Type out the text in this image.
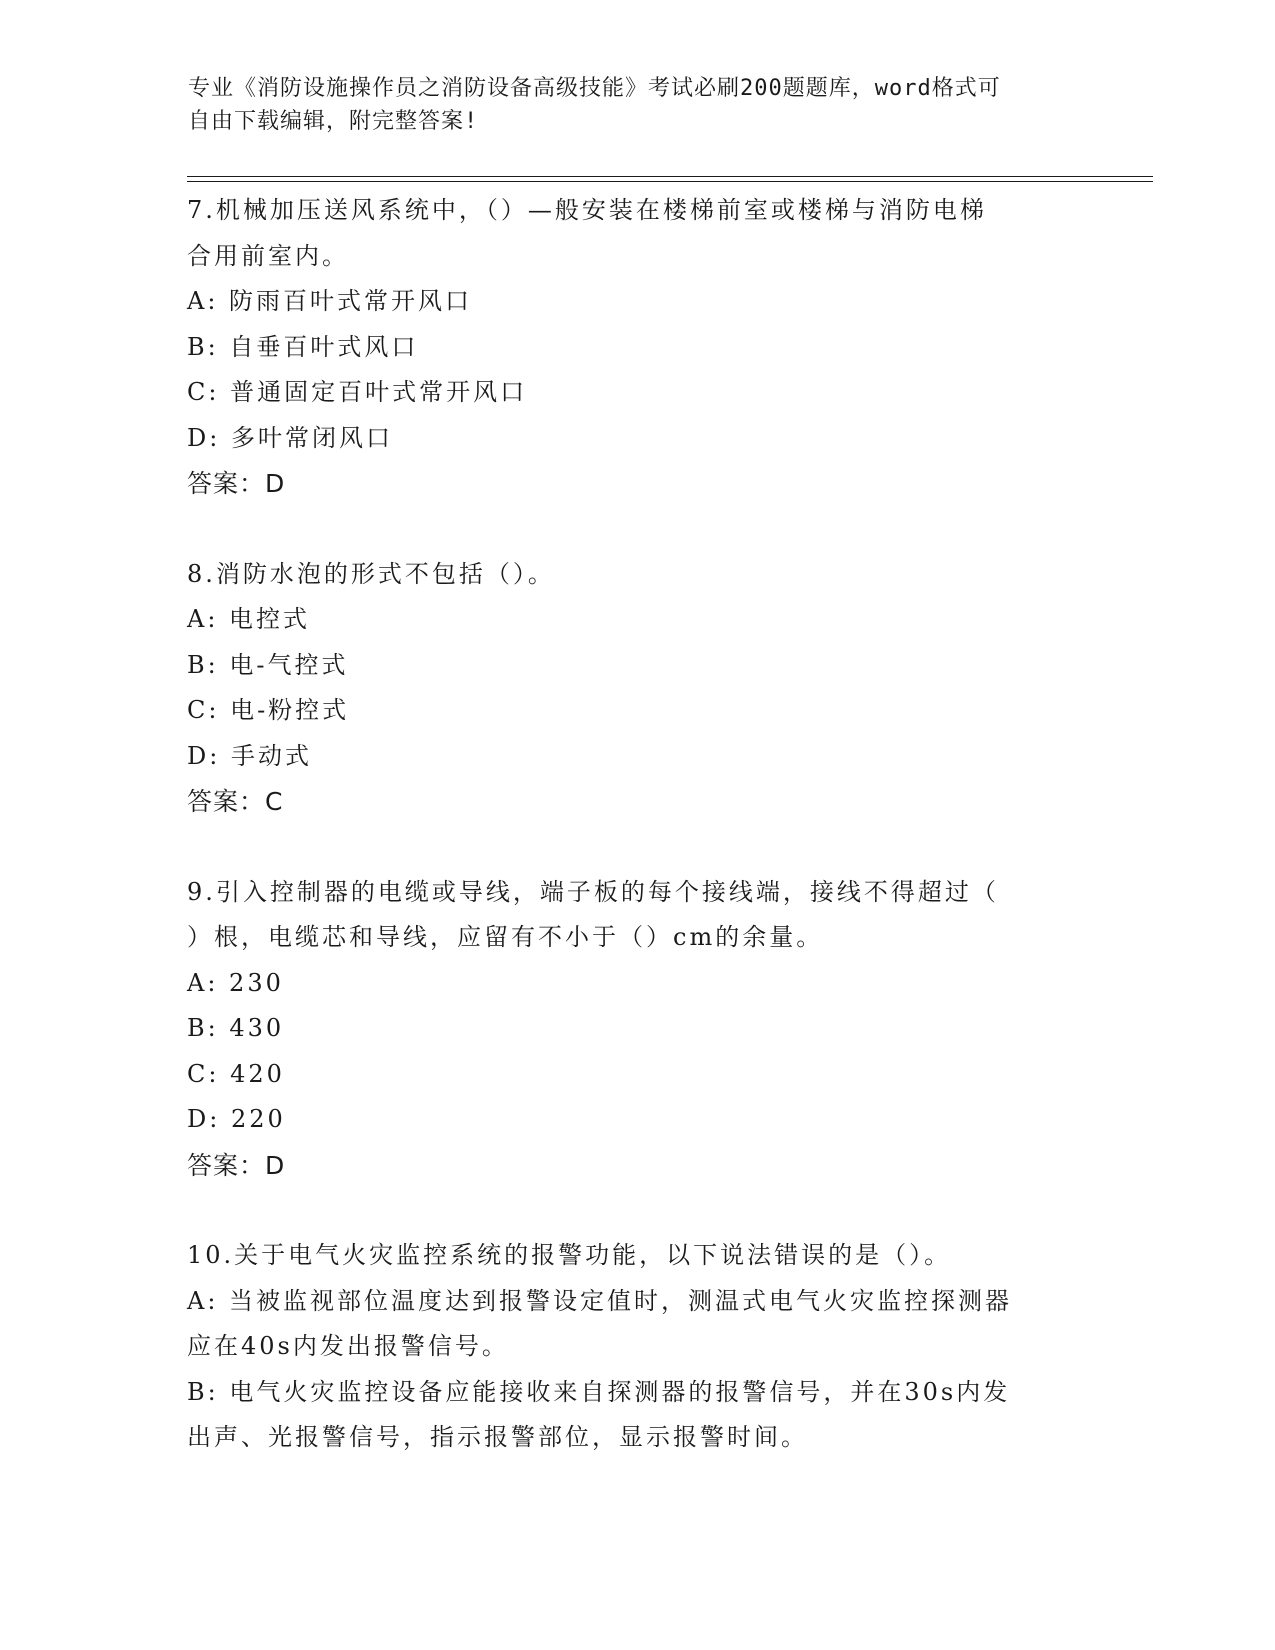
专业《消防设施操作员之消防设备高级技能》考试必刷200题题库，word格式可
自由下载编辑，附完整答案!

7.机械加压送风系统中，（）—般安装在楼梯前室或楼梯与消防电梯

合用前室内。

A: 防雨百叶式常开风口

B: 自垂百叶式风口

C: 普通固定百叶式常开风口

D: 多叶常闭风口

答案：D

8.消防水泡的形式不包括（）。

A: 电控式

B: 电-气控式

C: 电-粉控式

D: 手动式

答案：C

9.引入控制器的电缆或导线，端子板的每个接线端，接线不得超过（

）根，电缆芯和导线，应留有不小于（）cm的余量。

A: 230

B: 430

C: 420

D: 220

答案：D

10.关于电气火灾监控系统的报警功能，以下说法错误的是（）。

A: 当被监视部位温度达到报警设定值时，测温式电气火灾监控探测器

应在40s内发出报警信号。

B: 电气火灾监控设备应能接收来自探测器的报警信号，并在30s内发

出声、光报警信号，指示报警部位，显示报警时间。
